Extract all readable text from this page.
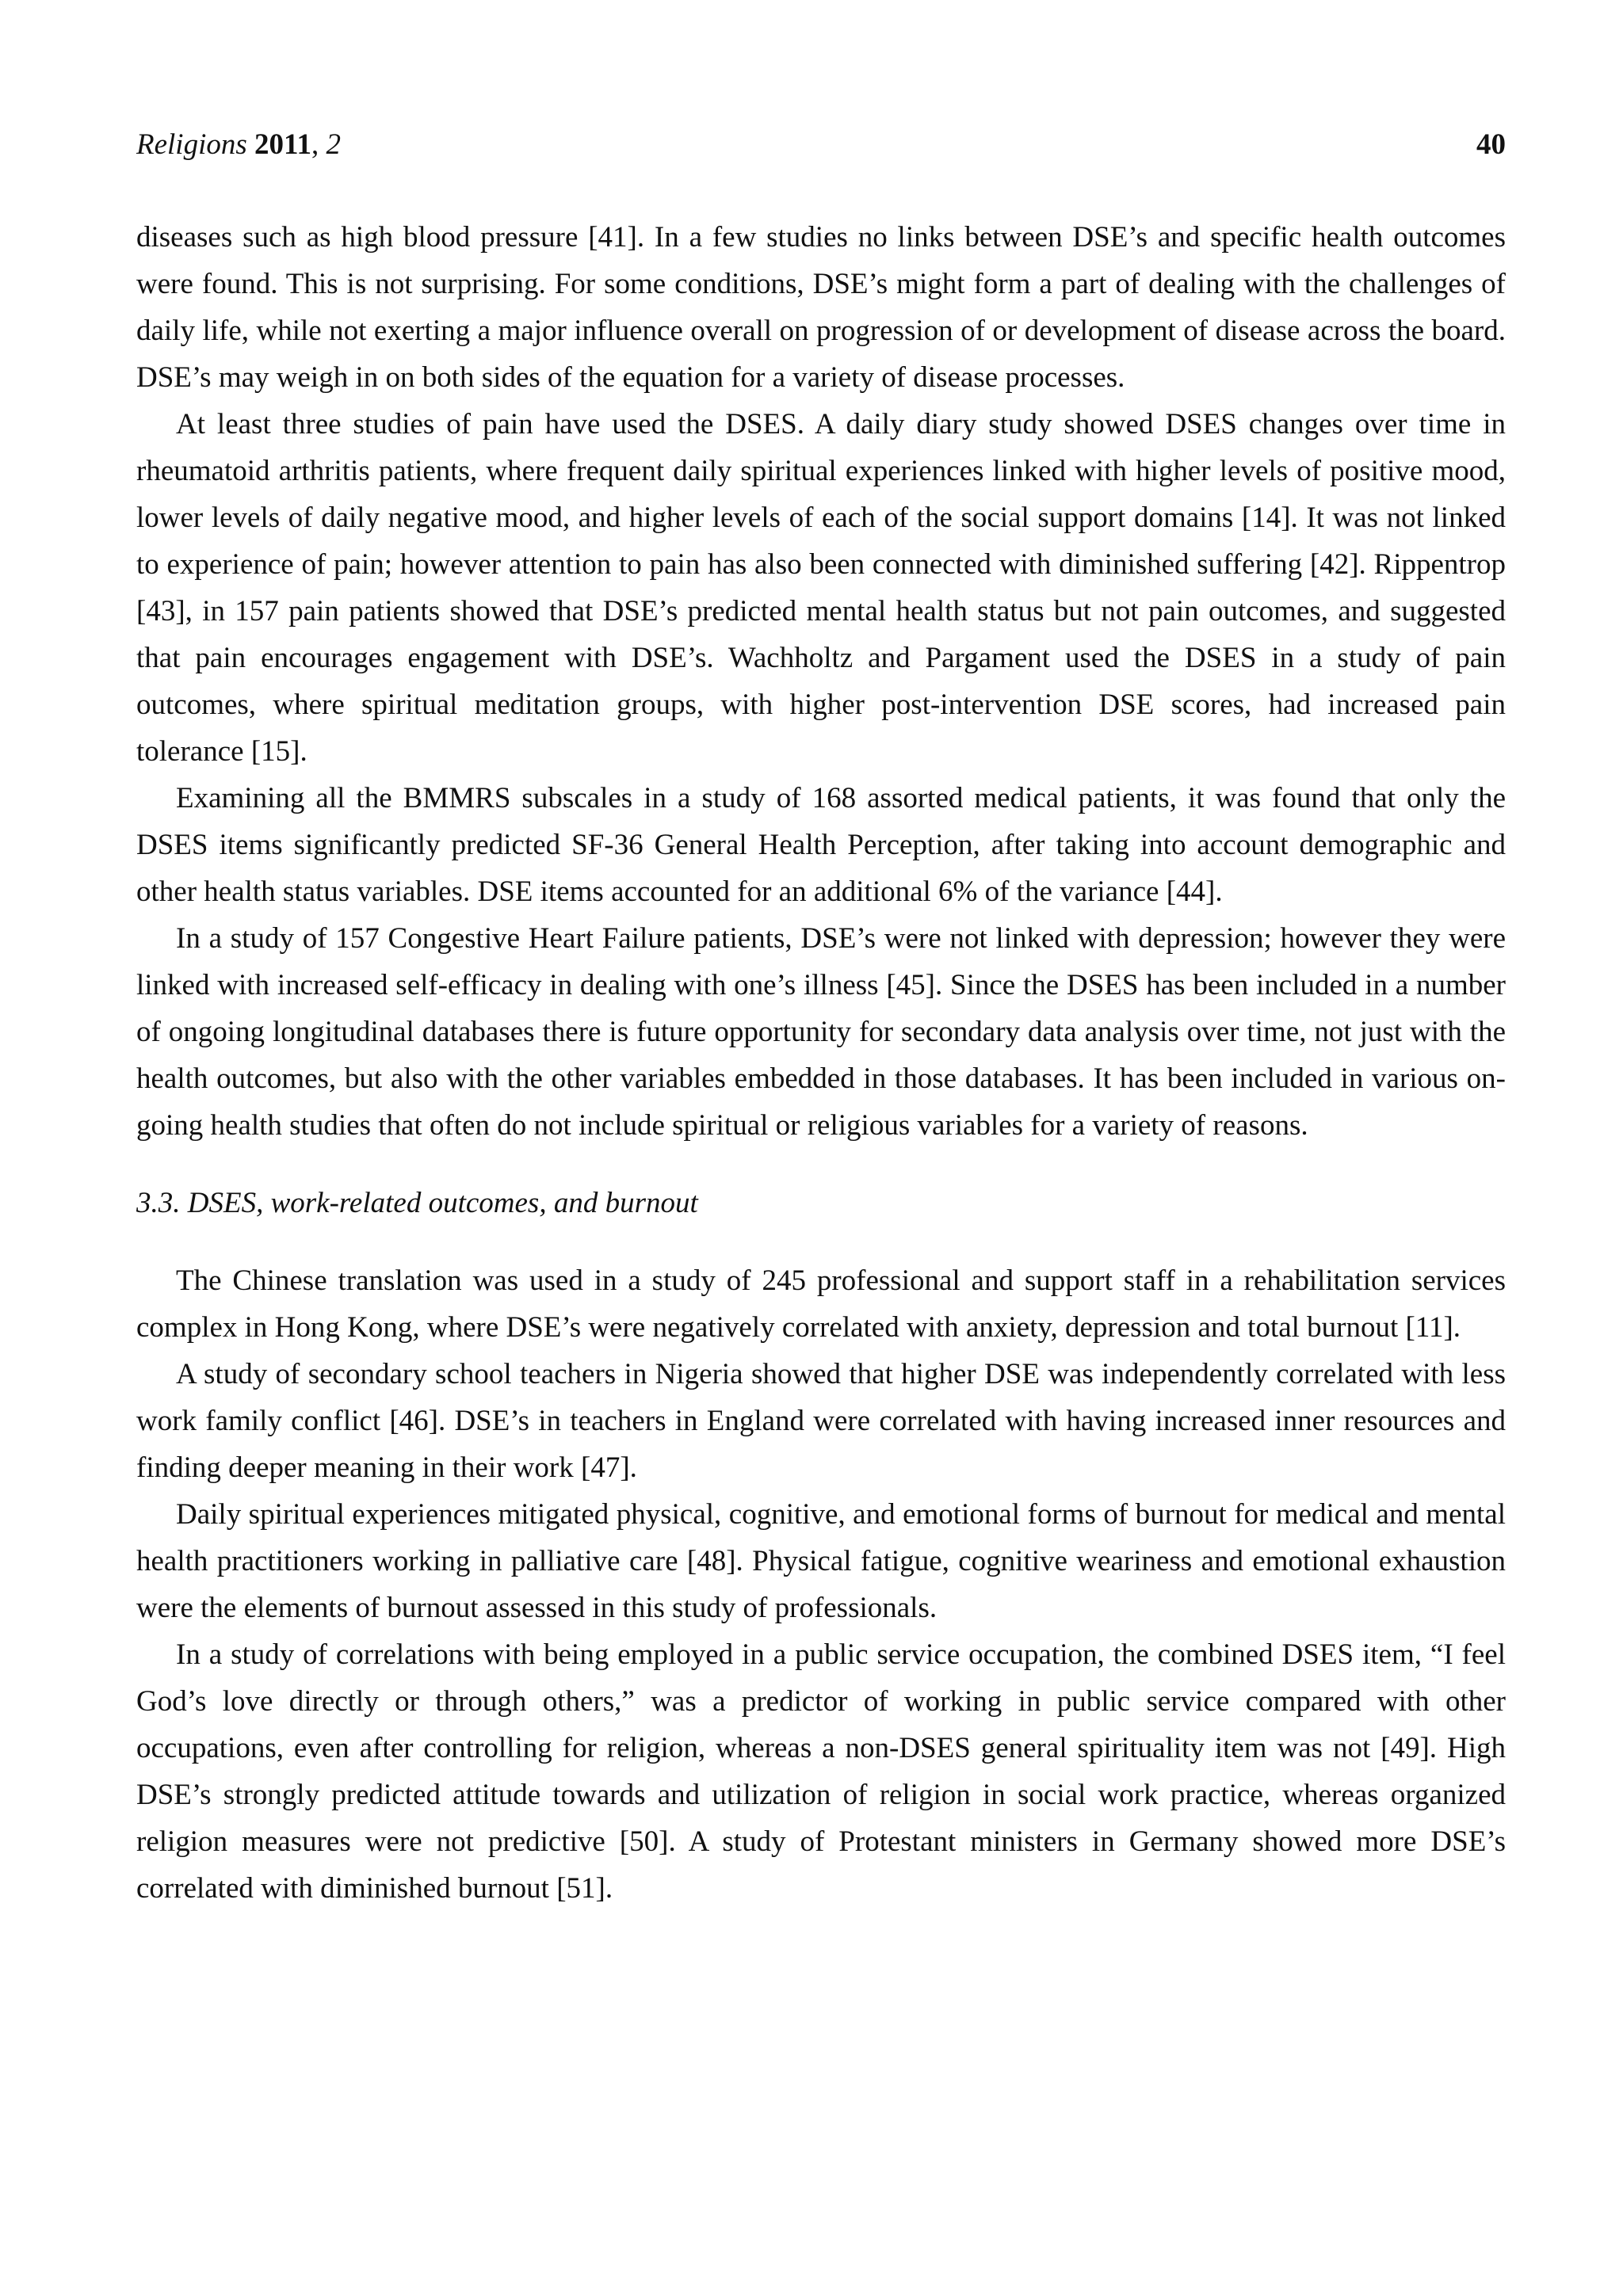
Religions 2011, 2	40

diseases such as high blood pressure [41]. In a few studies no links between DSE’s and specific health outcomes were found. This is not surprising. For some conditions, DSE’s might form a part of dealing with the challenges of daily life, while not exerting a major influence overall on progression of or development of disease across the board. DSE’s may weigh in on both sides of the equation for a variety of disease processes.

At least three studies of pain have used the DSES. A daily diary study showed DSES changes over time in rheumatoid arthritis patients, where frequent daily spiritual experiences linked with higher levels of positive mood, lower levels of daily negative mood, and higher levels of each of the social support domains [14]. It was not linked to experience of pain; however attention to pain has also been connected with diminished suffering [42]. Rippentrop [43], in 157 pain patients showed that DSE’s predicted mental health status but not pain outcomes, and suggested that pain encourages engagement with DSE’s. Wachholtz and Pargament used the DSES in a study of pain outcomes, where spiritual meditation groups, with higher post-intervention DSE scores, had increased pain tolerance [15].

Examining all the BMMRS subscales in a study of 168 assorted medical patients, it was found that only the DSES items significantly predicted SF-36 General Health Perception, after taking into account demographic and other health status variables. DSE items accounted for an additional 6% of the variance [44].

In a study of 157 Congestive Heart Failure patients, DSE’s were not linked with depression; however they were linked with increased self-efficacy in dealing with one’s illness [45]. Since the DSES has been included in a number of ongoing longitudinal databases there is future opportunity for secondary data analysis over time, not just with the health outcomes, but also with the other variables embedded in those databases. It has been included in various on-going health studies that often do not include spiritual or religious variables for a variety of reasons.

3.3. DSES, work-related outcomes, and burnout

The Chinese translation was used in a study of 245 professional and support staff in a rehabilitation services complex in Hong Kong, where DSE’s were negatively correlated with anxiety, depression and total burnout [11].

A study of secondary school teachers in Nigeria showed that higher DSE was independently correlated with less work family conflict [46]. DSE’s in teachers in England were correlated with having increased inner resources and finding deeper meaning in their work [47].

Daily spiritual experiences mitigated physical, cognitive, and emotional forms of burnout for medical and mental health practitioners working in palliative care [48]. Physical fatigue, cognitive weariness and emotional exhaustion were the elements of burnout assessed in this study of professionals.

In a study of correlations with being employed in a public service occupation, the combined DSES item, “I feel God’s love directly or through others,” was a predictor of working in public service compared with other occupations, even after controlling for religion, whereas a non-DSES general spirituality item was not [49]. High DSE’s strongly predicted attitude towards and utilization of religion in social work practice, whereas organized religion measures were not predictive [50]. A study of Protestant ministers in Germany showed more DSE’s correlated with diminished burnout [51].
